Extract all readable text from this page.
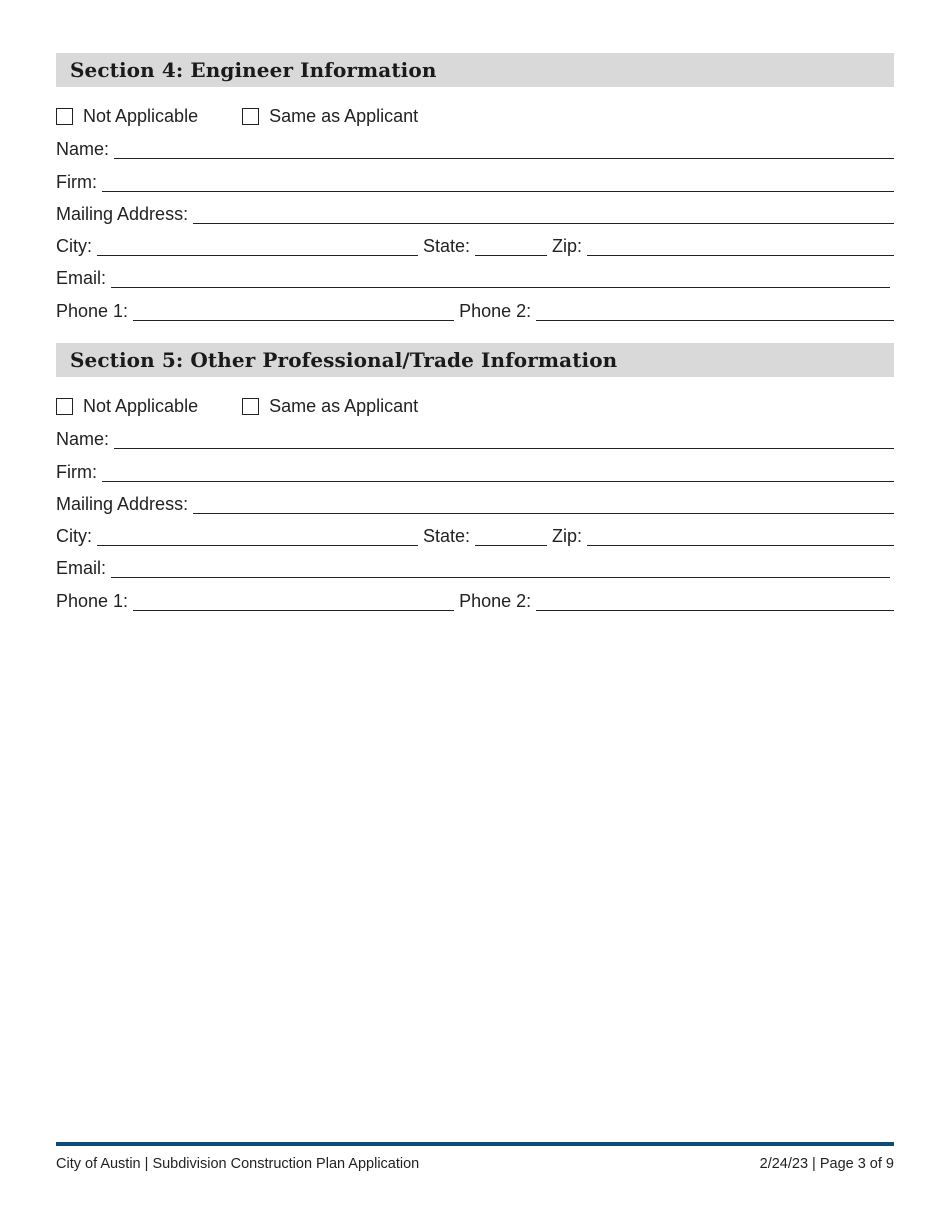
Section 4: Engineer Information
Not Applicable	Same as Applicant
Name:
Firm:
Mailing Address:
City:	State:	Zip:
Email:
Phone 1:	Phone 2:
Section 5: Other Professional/Trade Information
Not Applicable	Same as Applicant
Name:
Firm:
Mailing Address:
City:	State:	Zip:
Email:
Phone 1:	Phone 2:
City of Austin | Subdivision Construction Plan Application	2/24/23 | Page 3 of 9
